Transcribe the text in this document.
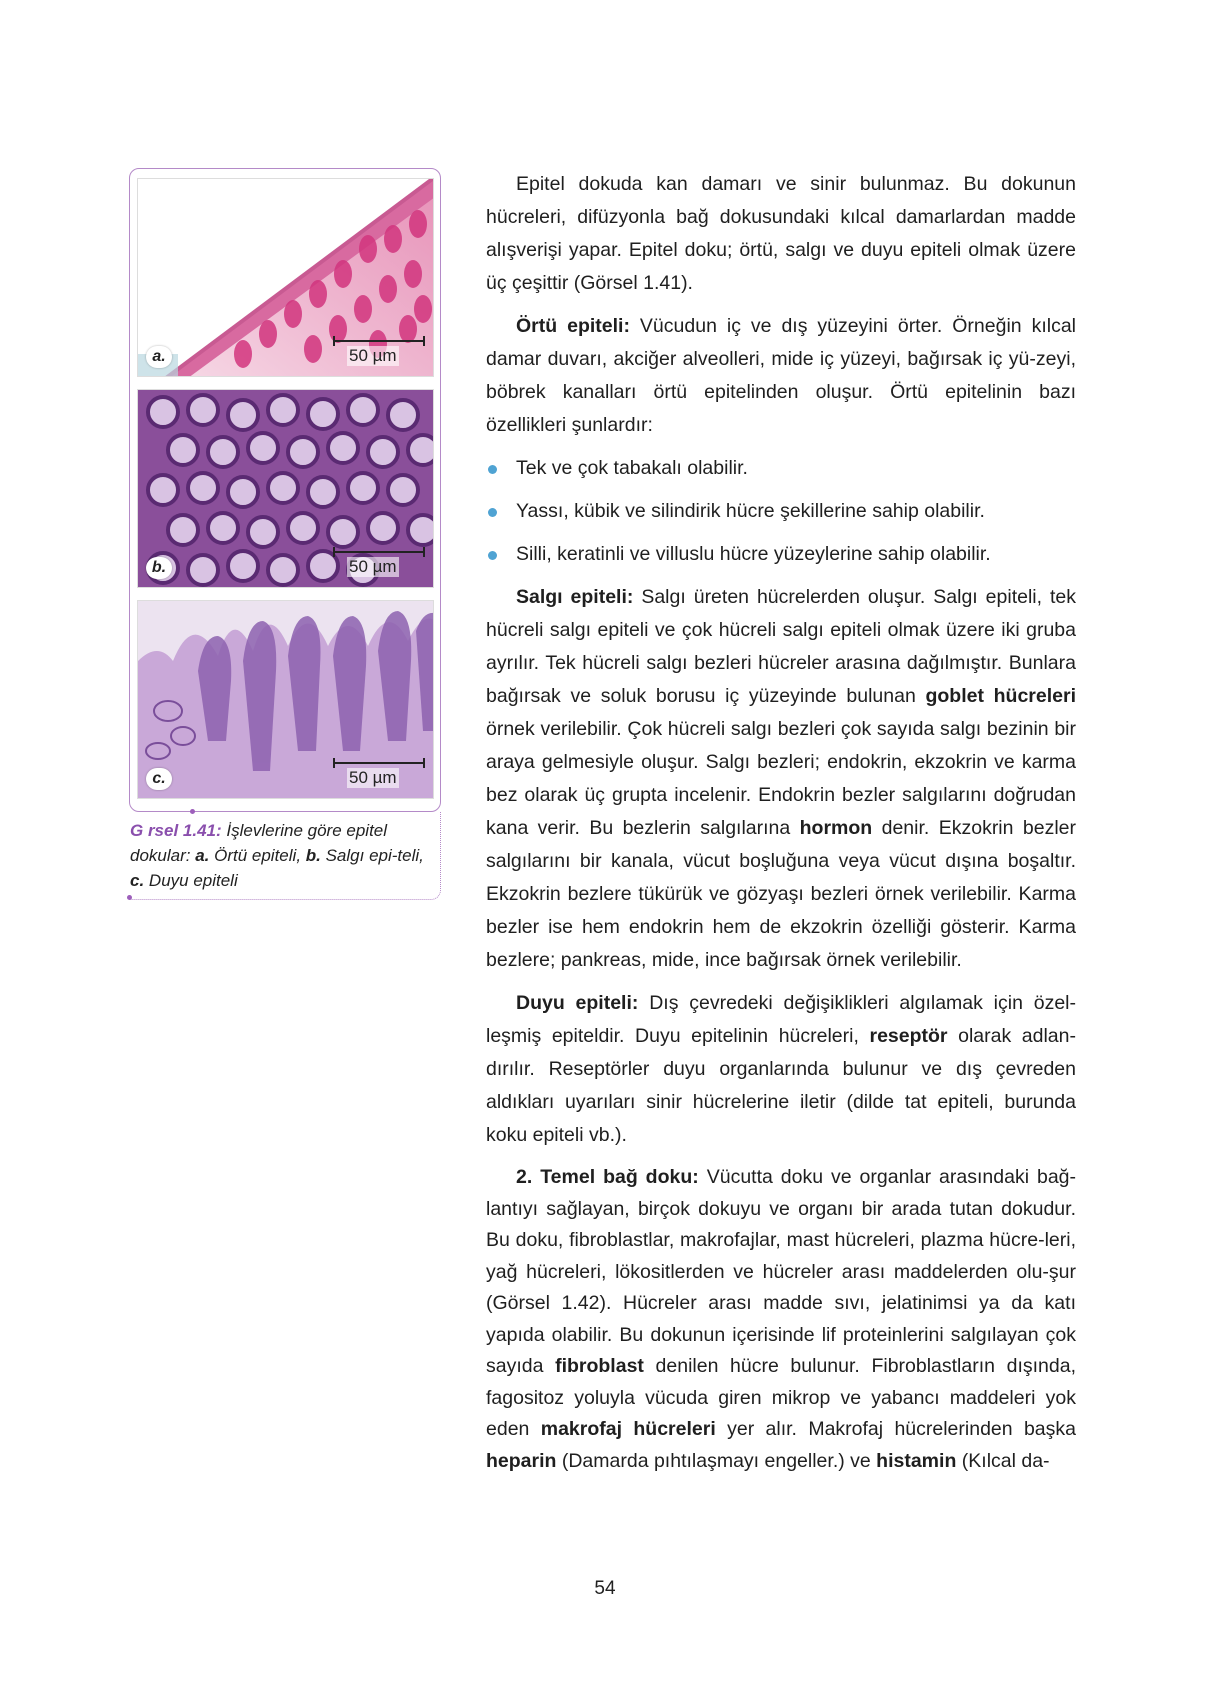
a.	50 µm
b.	50 µm
c.	50 µm
G rsel 1.41: İşlevlerine göre epitel dokular: a. Örtü epiteli, b. Salgı epi-teli, c. Duyu epiteli

Epitel dokuda kan damarı ve sinir bulunmaz. Bu dokunun hücreleri, difüzyonla bağ dokusundaki kılcal damarlardan madde alışverişi yapar. Epitel doku; örtü, salgı ve duyu epiteli olmak üzere üç çeşittir (Görsel 1.41).

Örtü epiteli: Vücudun iç ve dış yüzeyini örter. Örneğin kılcal damar duvarı, akciğer alveolleri, mide iç yüzeyi, bağırsak iç yü-zeyi, böbrek kanalları örtü epitelinden oluşur. Örtü epitelinin bazı özellikleri şunlardır:

Tek ve çok tabakalı olabilir.
Yassı, kübik ve silindirik hücre şekillerine sahip olabilir.
Silli, keratinli ve villuslu hücre yüzeylerine sahip olabilir.

Salgı epiteli: Salgı üreten hücrelerden oluşur. Salgı epiteli, tek hücreli salgı epiteli ve çok hücreli salgı epiteli olmak üzere iki gruba ayrılır. Tek hücreli salgı bezleri hücreler arasına dağılmıştır. Bunlara bağırsak ve soluk borusu iç yüzeyinde bulunan goblet hücreleri örnek verilebilir. Çok hücreli salgı bezleri çok sayıda salgı bezinin bir araya gelmesiyle oluşur. Salgı bezleri; endokrin, ekzokrin ve karma bez olarak üç grupta incelenir. Endokrin bezler salgılarını doğrudan kana verir. Bu bezlerin salgılarına hormon denir. Ekzokrin bezler salgılarını bir kanala, vücut boşluğuna veya vücut dışına boşaltır. Ekzokrin bezlere tükürük ve gözyaşı bezleri örnek verilebilir. Karma bezler ise hem endokrin hem de ekzokrin özelliği gösterir. Karma bezlere; pankreas, mide, ince bağırsak örnek verilebilir.

Duyu epiteli: Dış çevredeki değişiklikleri algılamak için özel-leşmiş epiteldir. Duyu epitelinin hücreleri, reseptör olarak adlan-dırılır. Reseptörler duyu organlarında bulunur ve dış çevreden aldıkları uyarıları sinir hücrelerine iletir (dilde tat epiteli, burunda koku epiteli vb.).

2. Temel bağ doku: Vücutta doku ve organlar arasındaki bağ-lantıyı sağlayan, birçok dokuyu ve organı bir arada tutan dokudur. Bu doku, fibroblastlar, makrofajlar, mast hücreleri, plazma hücre-leri, yağ hücreleri, lökositlerden ve hücreler arası maddelerden olu-şur (Görsel 1.42). Hücreler arası madde sıvı, jelatinimsi ya da katı yapıda olabilir. Bu dokunun içerisinde lif proteinlerini salgılayan çok sayıda fibroblast denilen hücre bulunur. Fibroblastların dışında, fagositoz yoluyla vücuda giren mikrop ve yabancı maddeleri yok eden makrofaj hücreleri yer alır. Makrofaj hücrelerinden başka heparin (Damarda pıhtılaşmayı engeller.) ve histamin (Kılcal da-

54
